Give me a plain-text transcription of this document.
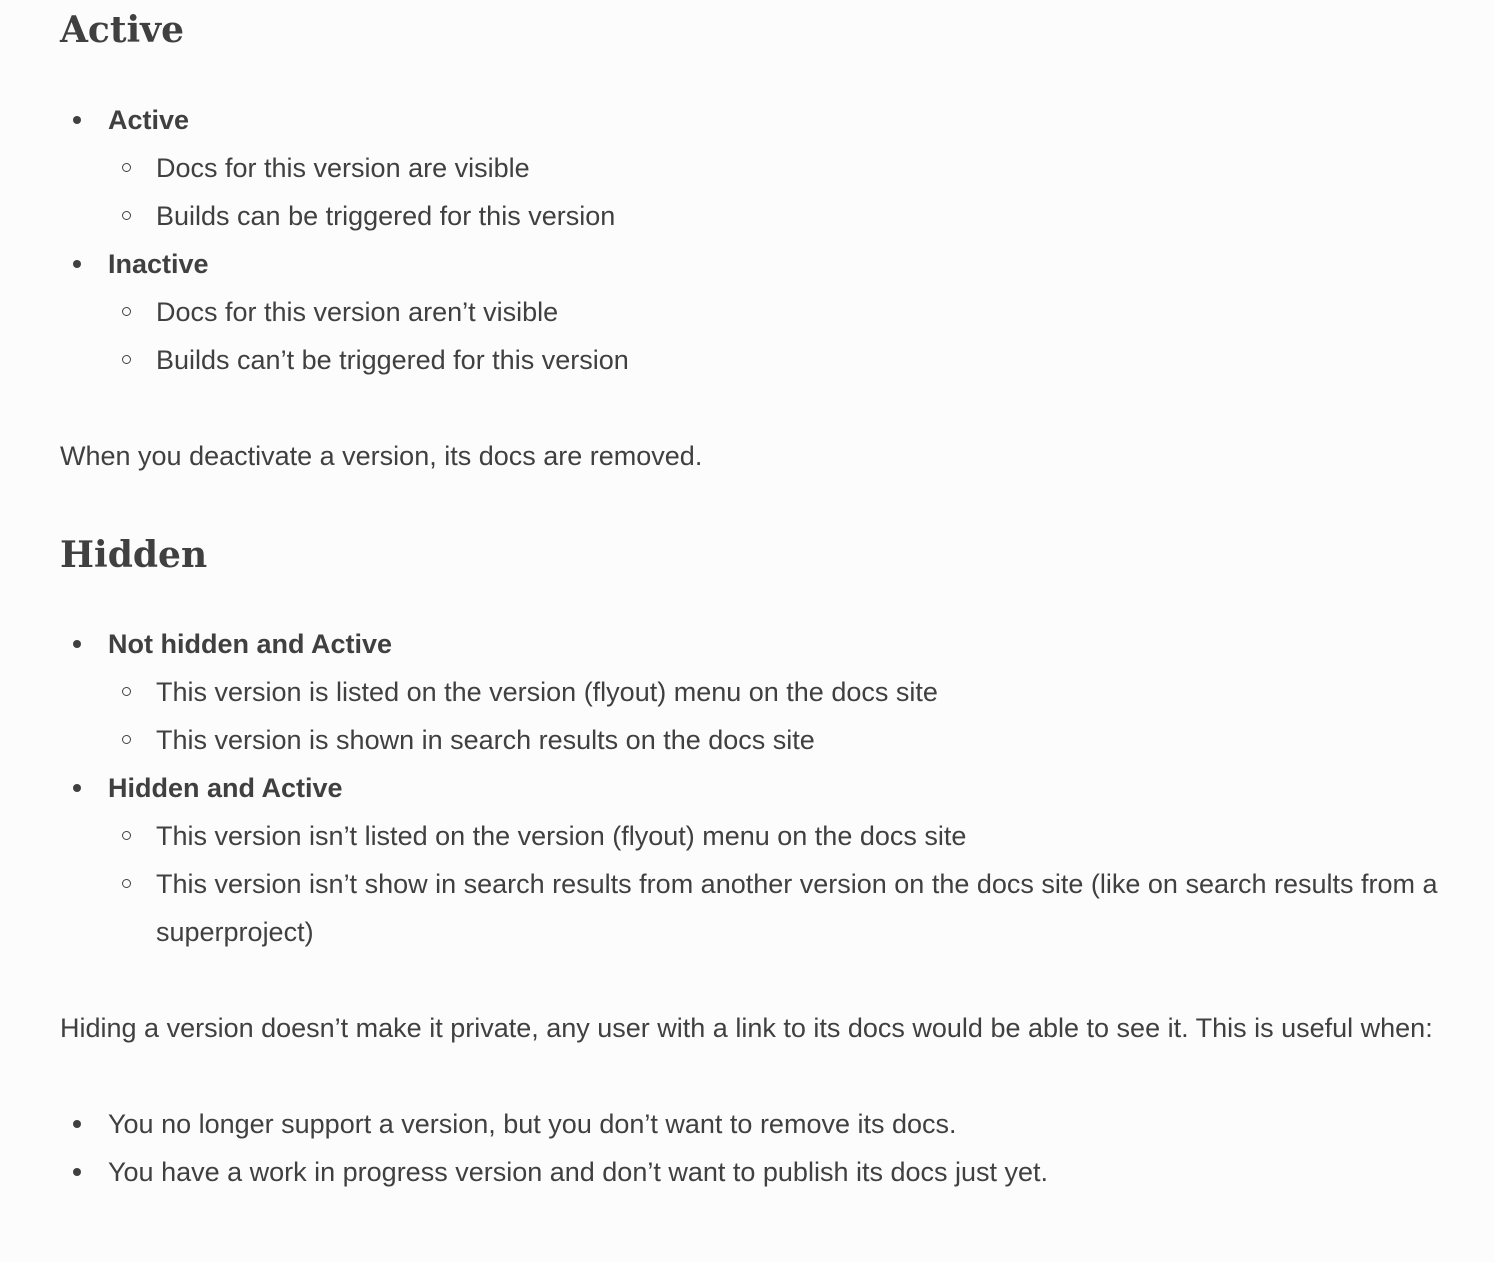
Active
Active
Docs for this version are visible
Builds can be triggered for this version
Inactive
Docs for this version aren’t visible
Builds can’t be triggered for this version

When you deactivate a version, its docs are removed.

Hidden
Not hidden and Active
This version is listed on the version (flyout) menu on the docs site
This version is shown in search results on the docs site
Hidden and Active
This version isn’t listed on the version (flyout) menu on the docs site
This version isn’t show in search results from another version on the docs site (like on search results from a superproject)

Hiding a version doesn’t make it private, any user with a link to its docs would be able to see it. This is useful when:

You no longer support a version, but you don’t want to remove its docs.
You have a work in progress version and don’t want to publish its docs just yet.
